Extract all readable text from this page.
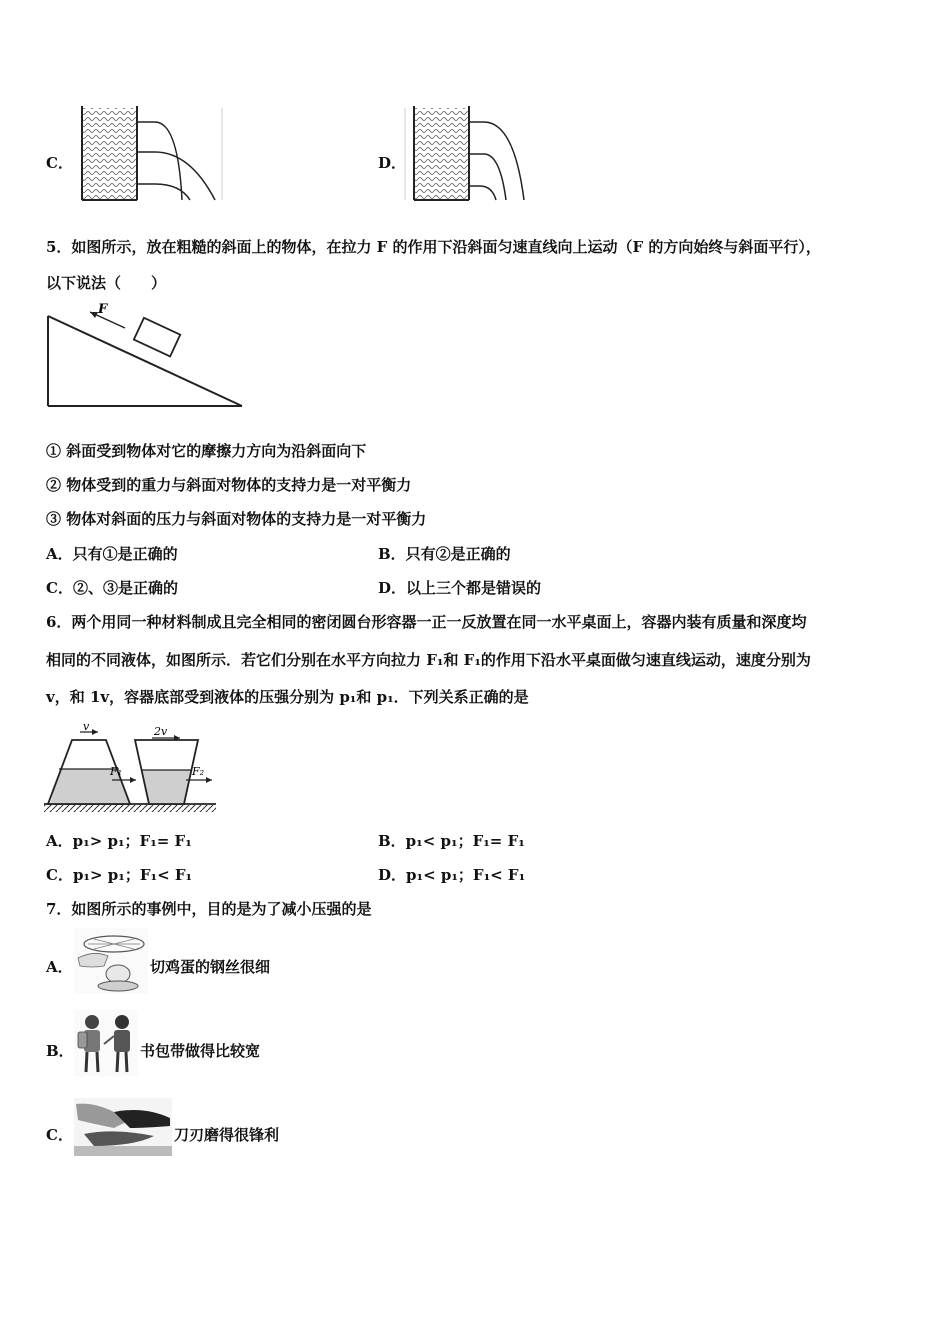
C．	D．
5．如图所示，放在粗糙的斜面上的物体，在拉力 F 的作用下沿斜面匀速直线向上运动（F 的方向始终与斜面平行），
以下说法（　　）
F
① 斜面受到物体对它的摩擦力方向为沿斜面向下
② 物体受到的重力与斜面对物体的支持力是一对平衡力
③ 物体对斜面的压力与斜面对物体的支持力是一对平衡力
A．只有①是正确的	B．只有②是正确的
C．②、③是正确的	D．以上三个都是错误的
6．两个用同一种材料制成且完全相同的密闭圆台形容器一正一反放置在同一水平桌面上，容器内装有质量和深度均
相同的不同液体，如图所示．若它们分别在水平方向拉力 F₁和 F₁的作用下沿水平桌面做匀速直线运动，速度分别为
v，和 1v，容器底部受到液体的压强分别为 p₁和 p₁．下列关系正确的是
v	2v
F₁	F₂
A．p₁> p₁；F₁= F₁	B．p₁< p₁；F₁= F₁
C．p₁> p₁；F₁< F₁	D．p₁< p₁；F₁< F₁
7．如图所示的事例中，目的是为了减小压强的是
A．	切鸡蛋的钢丝很细
B．	书包带做得比较宽
C．	刀刃磨得很锋利
